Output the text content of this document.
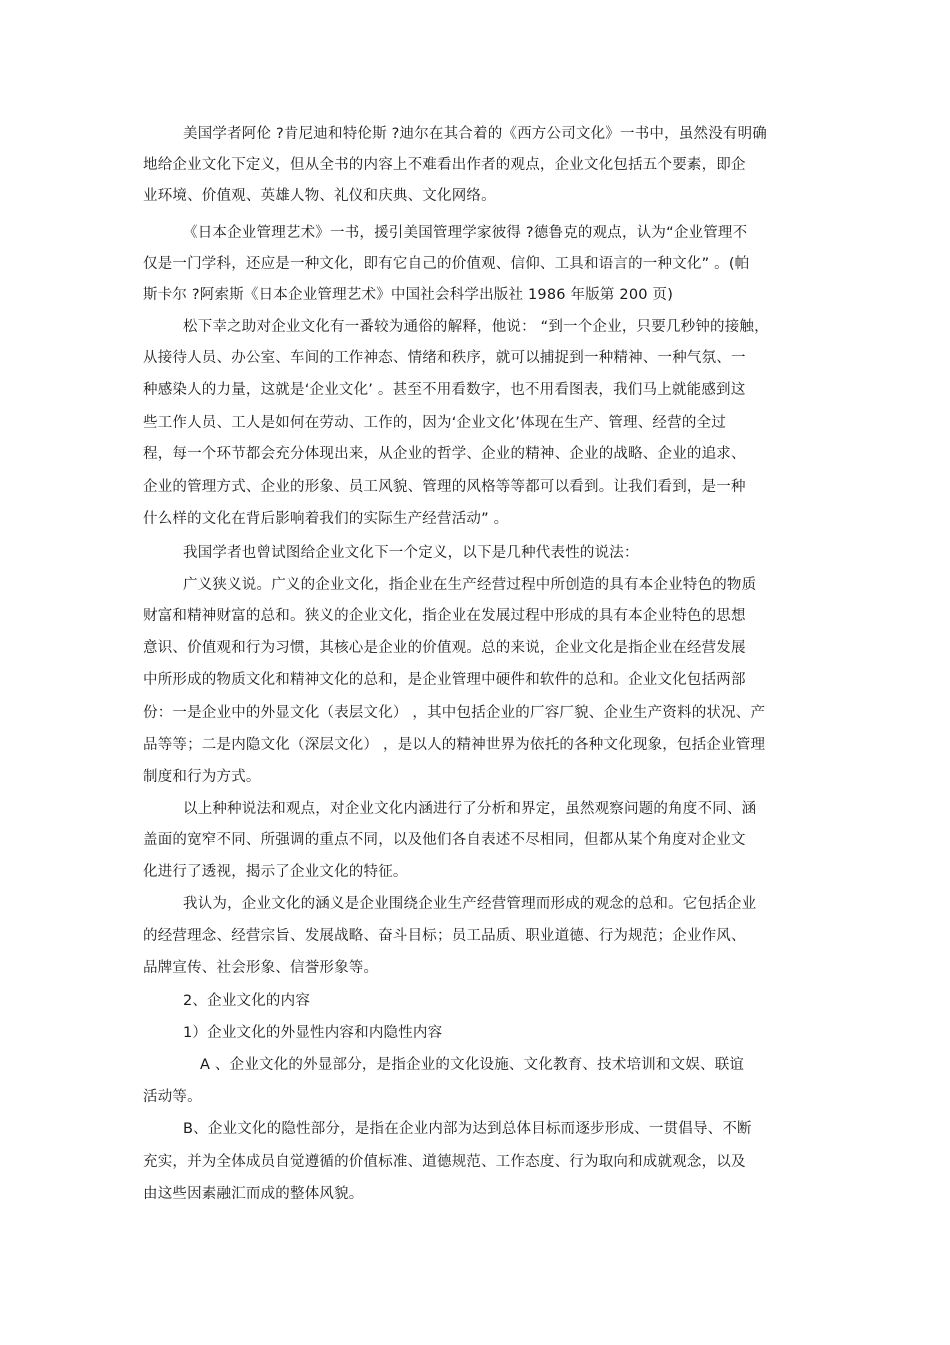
美国学者阿伦 ?肯尼迪和特伦斯 ?迪尔在其合着的《西方公司文化》一书中，虽然没有明确
地给企业文化下定义，但从全书的内容上不难看出作者的观点，企业文化包括五个要素，即企
业环境、价值观、英雄人物、礼仪和庆典、文化网络。
《日本企业管理艺术》一书，援引美国管理学家彼得 ?德鲁克的观点，认为“企业管理不
仅是一门学科，还应是一种文化，即有它自己的价值观、信仰、工具和语言的一种文化” 。(帕
斯卡尔 ?阿索斯《日本企业管理艺术》中国社会科学出版社 1986 年版第 200 页)
松下幸之助对企业文化有一番较为通俗的解释，他说： “到一个企业，只要几秒钟的接触，
从接待人员、办公室、车间的工作神态、情绪和秩序，就可以捕捉到一种精神、一种气氛、一
种感染人的力量，这就是‘企业文化’ 。甚至不用看数字，也不用看图表，我们马上就能感到这
些工作人员、工人是如何在劳动、工作的，因为‘企业文化’体现在生产、管理、经营的全过
程，每一个环节都会充分体现出来，从企业的哲学、企业的精神、企业的战略、企业的追求、
企业的管理方式、企业的形象、员工风貌、管理的风格等等都可以看到。让我们看到，是一种
什么样的文化在背后影响着我们的实际生产经营活动” 。
我国学者也曾试图给企业文化下一个定义，以下是几种代表性的说法：
广义狭义说。广义的企业文化，指企业在生产经营过程中所创造的具有本企业特色的物质
财富和精神财富的总和。狭义的企业文化，指企业在发展过程中形成的具有本企业特色的思想
意识、价值观和行为习惯，其核心是企业的价值观。总的来说，企业文化是指企业在经营发展
中所形成的物质文化和精神文化的总和，是企业管理中硬件和软件的总和。企业文化包括两部
份：一是企业中的外显文化（表层文化） ，其中包括企业的厂容厂貌、企业生产资料的状况、产
品等等；二是内隐文化（深层文化） ，是以人的精神世界为依托的各种文化现象，包括企业管理
制度和行为方式。
以上种种说法和观点，对企业文化内涵进行了分析和界定，虽然观察问题的角度不同、涵
盖面的宽窄不同、所强调的重点不同，以及他们各自表述不尽相同，但都从某个角度对企业文
化进行了透视，揭示了企业文化的特征。
我认为，企业文化的涵义是企业围绕企业生产经营管理而形成的观念的总和。它包括企业
的经营理念、经营宗旨、发展战略、奋斗目标；员工品质、职业道德、行为规范；企业作风、
品牌宣传、社会形象、信誉形象等。
2、企业文化的内容
1）企业文化的外显性内容和内隐性内容
A 、企业文化的外显部分，是指企业的文化设施、文化教育、技术培训和文娱、联谊
活动等。
B、企业文化的隐性部分，是指在企业内部为达到总体目标而逐步形成、一贯倡导、不断
充实，并为全体成员自觉遵循的价值标准、道德规范、工作态度、行为取向和成就观念，以及
由这些因素融汇而成的整体风貌。
